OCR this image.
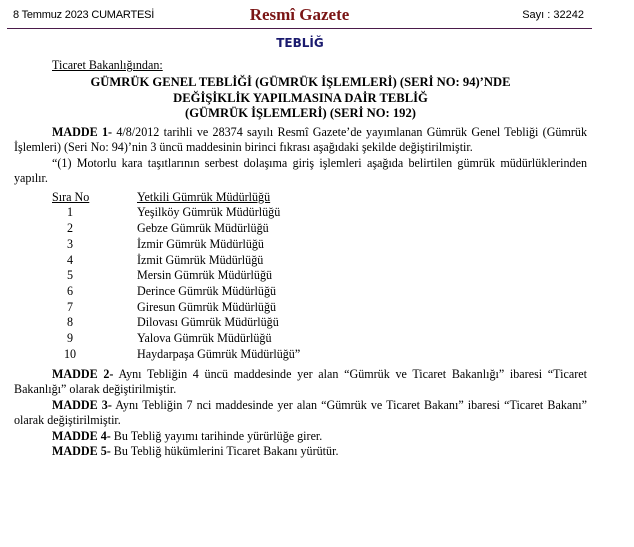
8 Temmuz 2023 CUMARTESİ	Resmî Gazete	Sayı : 32242
TEBLİĞ
Ticaret Bakanlığından:
GÜMRÜK GENEL TEBLİĞİ (GÜMRÜK İŞLEMLERİ) (SERİ NO: 94)’NDE
DEĞİŞİKLİK YAPILMASINA DAİR TEBLİĞ
(GÜMRÜK İŞLEMLERİ) (SERİ NO: 192)

MADDE 1- 4/8/2012 tarihli ve 28374 sayılı Resmî Gazete’de yayımlanan Gümrük Genel Tebliği (Gümrük İşlemleri) (Seri No: 94)’nin 3 üncü maddesinin birinci fıkrası aşağıdaki şekilde değiştirilmiştir.

“(1) Motorlu kara taşıtlarının serbest dolaşıma giriş işlemleri aşağıda belirtilen gümrük müdürlüklerinden yapılır.

Sıra No	Yetkili Gümrük Müdürlüğü
1	Yeşilköy Gümrük Müdürlüğü
2	Gebze Gümrük Müdürlüğü
3	İzmir Gümrük Müdürlüğü
4	İzmit Gümrük Müdürlüğü
5	Mersin Gümrük Müdürlüğü
6	Derince Gümrük Müdürlüğü
7	Giresun Gümrük Müdürlüğü
8	Dilovası Gümrük Müdürlüğü
9	Yalova Gümrük Müdürlüğü
10	Haydarpaşa Gümrük Müdürlüğü”

MADDE 2- Aynı Tebliğin 4 üncü maddesinde yer alan “Gümrük ve Ticaret Bakanlığı” ibaresi “Ticaret Bakanlığı” olarak değiştirilmiştir.

MADDE 3- Aynı Tebliğin 7 nci maddesinde yer alan “Gümrük ve Ticaret Bakanı” ibaresi “Ticaret Bakanı” olarak değiştirilmiştir.

MADDE 4- Bu Tebliğ yayımı tarihinde yürürlüğe girer.

MADDE 5- Bu Tebliğ hükümlerini Ticaret Bakanı yürütür.
